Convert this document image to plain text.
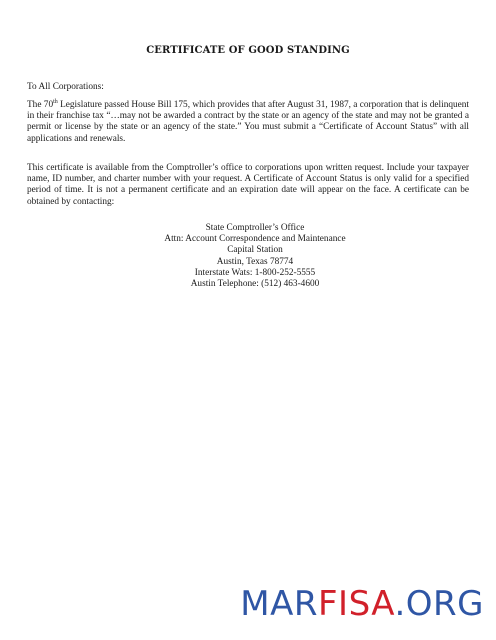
CERTIFICATE OF GOOD STANDING
To All Corporations:
The 70th Legislature passed House Bill 175, which provides that after August 31, 1987, a corporation that is delinquent in their franchise tax “…may not be awarded a contract by the state or an agency of the state and may not be granted a permit or license by the state or an agency of the state.” You must submit a “Certificate of Account Status” with all applications and renewals.
This certificate is available from the Comptroller’s office to corporations upon written request. Include your taxpayer name, ID number, and charter number with your request. A Certificate of Account Status is only valid for a specified period of time. It is not a permanent certificate and an expiration date will appear on the face. A certificate can be obtained by contacting:
State Comptroller’s Office
Attn: Account Correspondence and Maintenance
Capital Station
Austin, Texas 78774
Interstate Wats: 1-800-252-5555
Austin Telephone: (512) 463-4600
MARFISA.ORG
